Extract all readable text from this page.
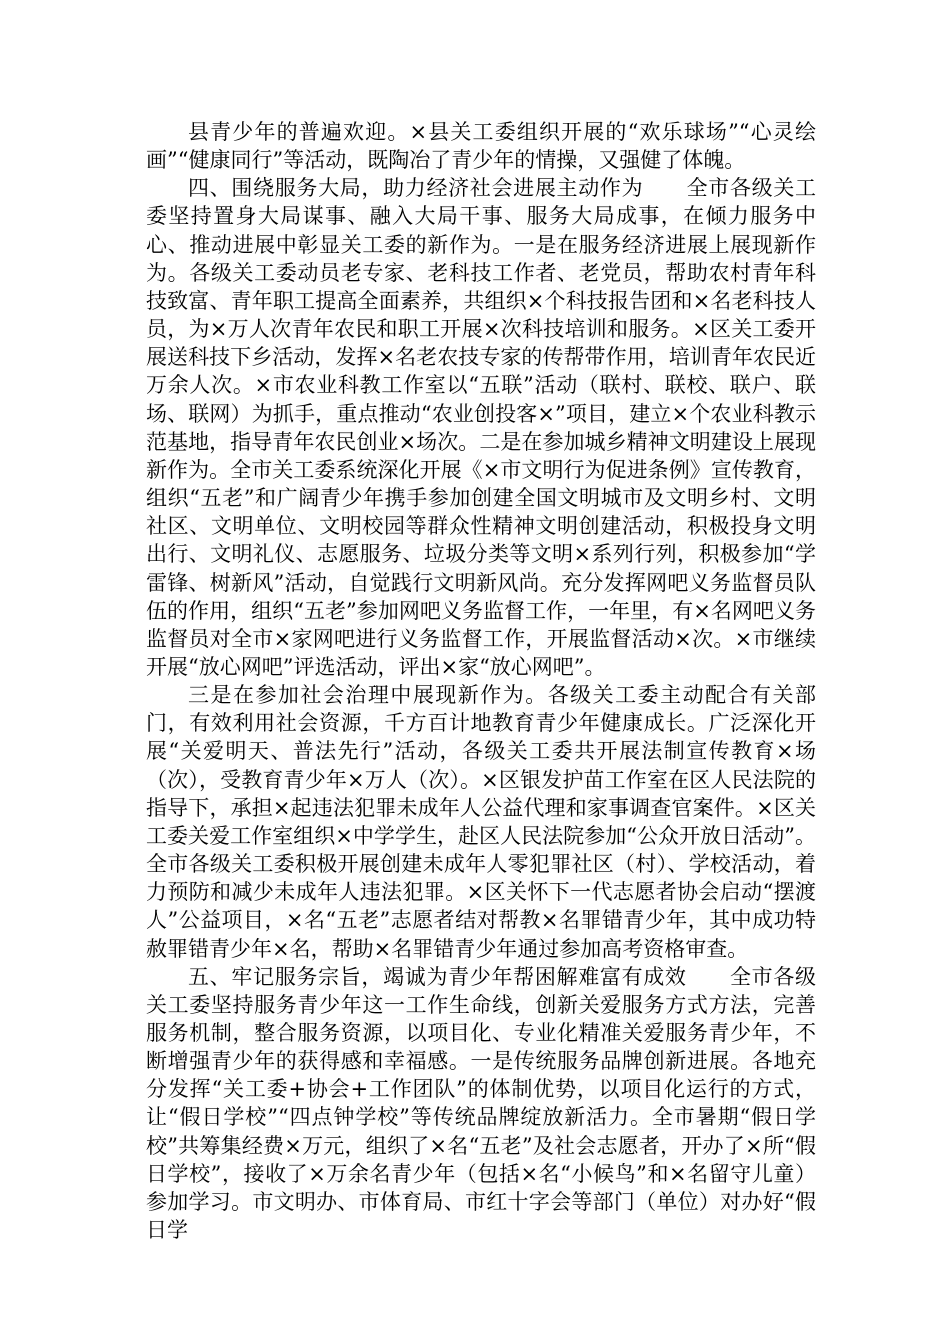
县青少年的普遍欢迎。×县关工委组织开展的“欢乐球场”“心灵绘画”“健康同行”等活动，既陶冶了青少年的情操，又强健了体魄。

四、围绕服务大局，助力经济社会进展主动作为　　全市各级关工委坚持置身大局谋事、融入大局干事、服务大局成事，在倾力服务中心、推动进展中彰显关工委的新作为。一是在服务经济进展上展现新作为。各级关工委动员老专家、老科技工作者、老党员，帮助农村青年科技致富、青年职工提高全面素养，共组织×个科技报告团和×名老科技人员，为×万人次青年农民和职工开展×次科技培训和服务。×区关工委开展送科技下乡活动，发挥×名老农技专家的传帮带作用，培训青年农民近万余人次。×市农业科教工作室以“五联”活动（联村、联校、联户、联场、联网）为抓手，重点推动“农业创投客×”项目，建立×个农业科教示范基地，指导青年农民创业×场次。二是在参加城乡精神文明建设上展现新作为。全市关工委系统深化开展《×市文明行为促进条例》宣传教育，组织“五老”和广阔青少年携手参加创建全国文明城市及文明乡村、文明社区、文明单位、文明校园等群众性精神文明创建活动，积极投身文明出行、文明礼仪、志愿服务、垃圾分类等文明×系列行列，积极参加“学雷锋、树新风”活动，自觉践行文明新风尚。充分发挥网吧义务监督员队伍的作用，组织“五老”参加网吧义务监督工作，一年里，有×名网吧义务监督员对全市×家网吧进行义务监督工作，开展监督活动×次。×市继续开展“放心网吧”评选活动，评出×家“放心网吧”。

三是在参加社会治理中展现新作为。各级关工委主动配合有关部门，有效利用社会资源，千方百计地教育青少年健康成长。广泛深化开展“关爱明天、普法先行”活动，各级关工委共开展法制宣传教育×场（次），受教育青少年×万人（次）。×区银发护苗工作室在区人民法院的指导下，承担×起违法犯罪未成年人公益代理和家事调查官案件。×区关工委关爱工作室组织×中学学生，赴区人民法院参加“公众开放日活动”。全市各级关工委积极开展创建未成年人零犯罪社区（村）、学校活动，着力预防和减少未成年人违法犯罪。×区关怀下一代志愿者协会启动“摆渡人”公益项目，×名“五老”志愿者结对帮教×名罪错青少年，其中成功特赦罪错青少年×名，帮助×名罪错青少年通过参加高考资格审查。

五、牢记服务宗旨，竭诚为青少年帮困解难富有成效　　全市各级关工委坚持服务青少年这一工作生命线，创新关爱服务方式方法，完善服务机制，整合服务资源，以项目化、专业化精准关爱服务青少年，不断增强青少年的获得感和幸福感。一是传统服务品牌创新进展。各地充分发挥“关工委+协会+工作团队”的体制优势，以项目化运行的方式，让“假日学校”“四点钟学校”等传统品牌绽放新活力。全市暑期“假日学校”共筹集经费×万元，组织了×名“五老”及社会志愿者，开办了×所“假日学校”，接收了×万余名青少年（包括×名“小候鸟”和×名留守儿童）参加学习。市文明办、市体育局、市红十字会等部门（单位）对办好“假日学
